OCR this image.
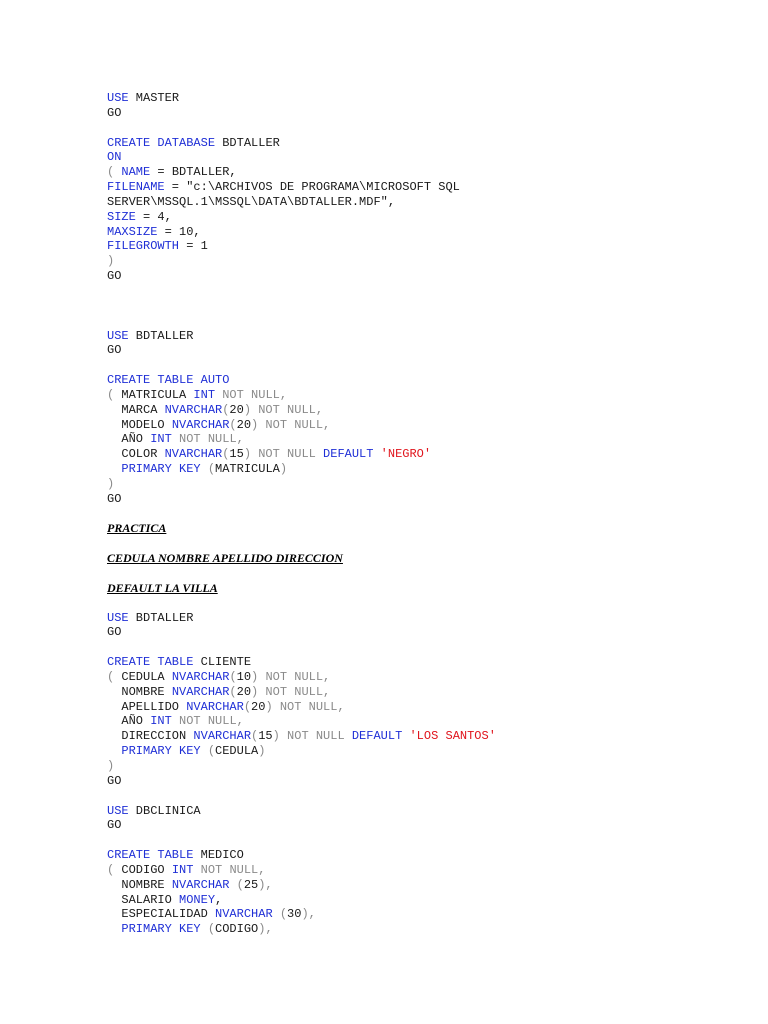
USE MASTER
GO
CREATE DATABASE BDTALLER
ON
( NAME = BDTALLER,
FILENAME = "c:\ARCHIVOS DE PROGRAMA\MICROSOFT SQL
SERVER\MSSQL.1\MSSQL\DATA\BDTALLER.MDF",
SIZE = 4,
MAXSIZE = 10,
FILEGROWTH = 1
)
GO
USE BDTALLER
GO
CREATE TABLE AUTO
( MATRICULA INT NOT NULL,
MARCA NVARCHAR(20) NOT NULL,
MODELO NVARCHAR(20) NOT NULL,
AÑO INT NOT NULL,
COLOR NVARCHAR(15) NOT NULL DEFAULT 'NEGRO'
PRIMARY KEY (MATRICULA)
)
GO
PRACTICA
CEDULA NOMBRE APELLIDO DIRECCION
DEFAULT LA VILLA
USE BDTALLER
GO
CREATE TABLE CLIENTE
( CEDULA NVARCHAR(10) NOT NULL,
NOMBRE NVARCHAR(20) NOT NULL,
APELLIDO NVARCHAR(20) NOT NULL,
AÑO INT NOT NULL,
DIRECCION NVARCHAR(15) NOT NULL DEFAULT 'LOS SANTOS'
PRIMARY KEY (CEDULA)
)
GO
USE DBCLINICA
GO
CREATE TABLE MEDICO
( CODIGO INT NOT NULL,
NOMBRE NVARCHAR (25),
SALARIO MONEY,
ESPECIALIDAD NVARCHAR (30),
PRIMARY KEY (CODIGO),
